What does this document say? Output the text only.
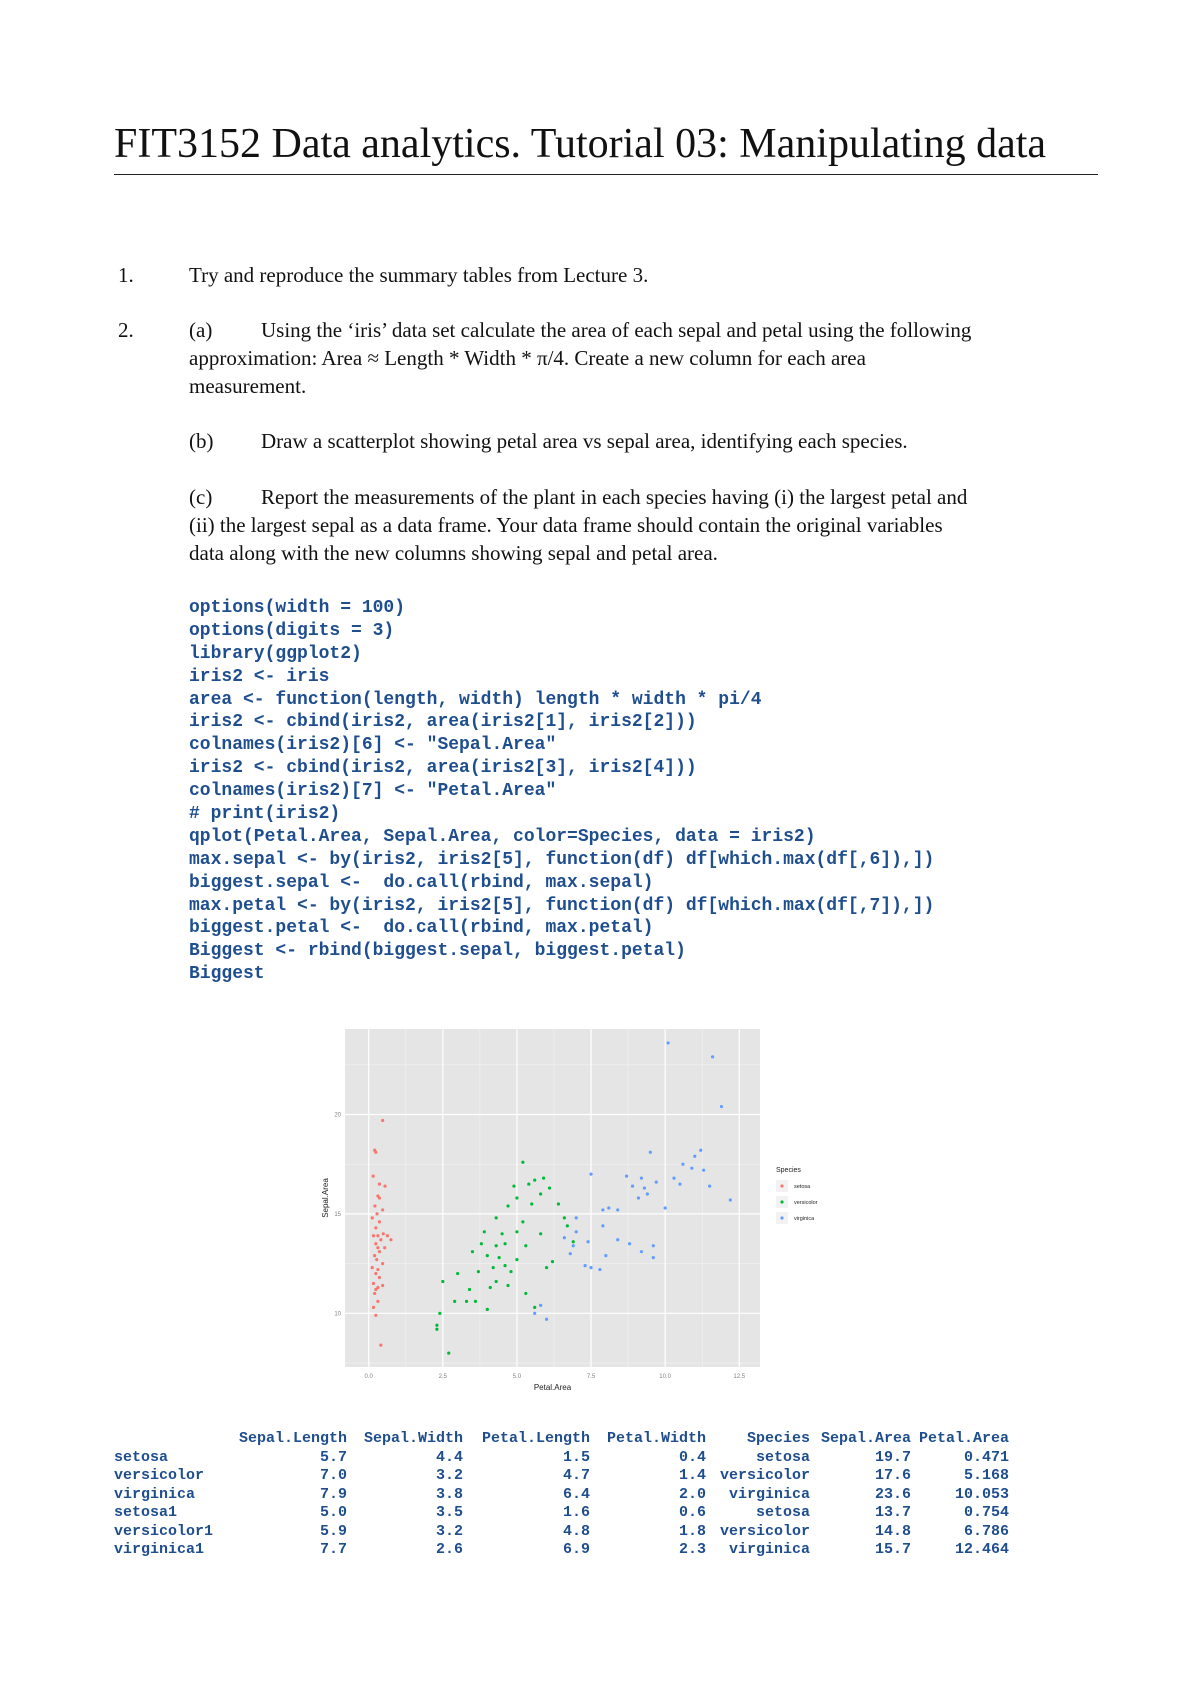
FIT3152 Data analytics. Tutorial 03: Manipulating data
1.	Try and reproduce the summary tables from Lecture 3.
2.	(a) Using the ‘iris’ data set calculate the area of each sepal and petal using the following
approximation: Area ≈ Length * Width * π/4. Create a new column for each area
measurement.
(b) Draw a scatterplot showing petal area vs sepal area, identifying each species.
(c) Report the measurements of the plant in each species having (i) the largest petal and
(ii) the largest sepal as a data frame. Your data frame should contain the original variables
data along with the new columns showing sepal and petal area.
options(width = 100)
options(digits = 3)
library(ggplot2)
iris2 <- iris
area <- function(length, width) length * width * pi/4
iris2 <- cbind(iris2, area(iris2[1], iris2[2]))
colnames(iris2)[6] <- "Sepal.Area"
iris2 <- cbind(iris2, area(iris2[3], iris2[4]))
colnames(iris2)[7] <- "Petal.Area"
# print(iris2)
qplot(Petal.Area, Sepal.Area, color=Species, data = iris2)
max.sepal <- by(iris2, iris2[5], function(df) df[which.max(df[,6]),])
biggest.sepal <-  do.call(rbind, max.sepal)
max.petal <- by(iris2, iris2[5], function(df) df[which.max(df[,7]),])
biggest.petal <-  do.call(rbind, max.petal)
Biggest <- rbind(biggest.sepal, biggest.petal)
Biggest
0.0	2.5	5.0	7.5	10.0	12.5
10
15
20
Petal.Area
Sepal.Area
Species
setosa
versicolor
virginica
	Sepal.Length	Sepal.Width	Petal.Length	Petal.Width	Species	Sepal.Area	Petal.Area
setosa	5.7	4.4	1.5	0.4	setosa	19.7	0.471
versicolor	7.0	3.2	4.7	1.4	versicolor	17.6	5.168
virginica	7.9	3.8	6.4	2.0	virginica	23.6	10.053
setosa1	5.0	3.5	1.6	0.6	setosa	13.7	0.754
versicolor1	5.9	3.2	4.8	1.8	versicolor	14.8	6.786
virginica1	7.7	2.6	6.9	2.3	virginica	15.7	12.464
